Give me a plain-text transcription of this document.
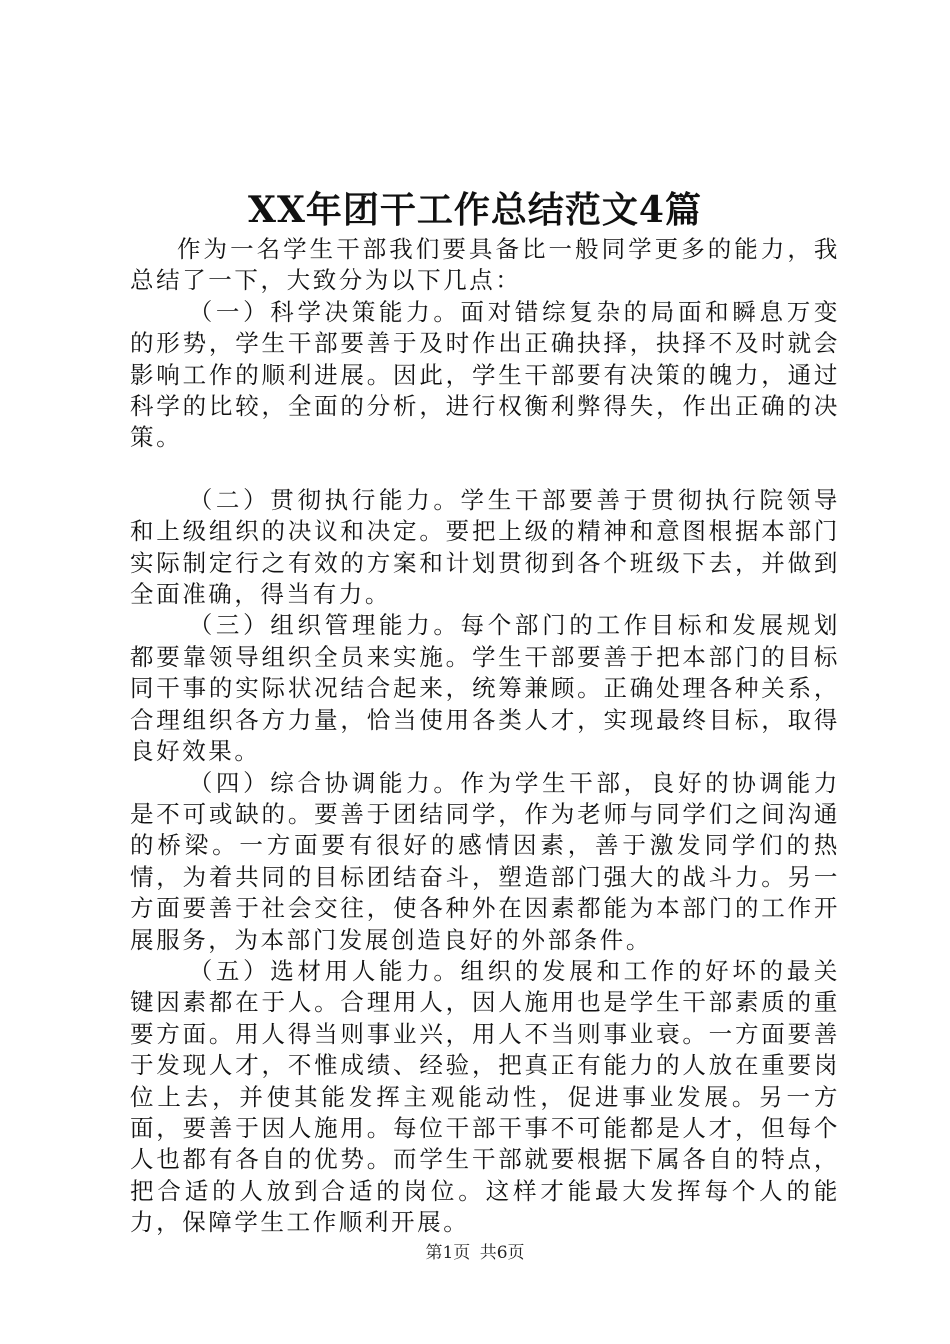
XX年团干工作总结范文4篇

作为一名学生干部我们要具备比一般同学更多的能力，我总结了一下，大致分为以下几点：

（一）科学决策能力。面对错综复杂的局面和瞬息万变的形势，学生干部要善于及时作出正确抉择，抉择不及时就会影响工作的顺利进展。因此，学生干部要有决策的魄力，通过科学的比较，全面的分析，进行权衡利弊得失，作出正确的决策。

（二）贯彻执行能力。学生干部要善于贯彻执行院领导和上级组织的决议和决定。要把上级的精神和意图根据本部门实际制定行之有效的方案和计划贯彻到各个班级下去，并做到全面准确，得当有力。

（三）组织管理能力。每个部门的工作目标和发展规划都要靠领导组织全员来实施。学生干部要善于把本部门的目标同干事的实际状况结合起来，统筹兼顾。正确处理各种关系，合理组织各方力量，恰当使用各类人才，实现最终目标，取得良好效果。

（四）综合协调能力。作为学生干部，良好的协调能力是不可或缺的。要善于团结同学，作为老师与同学们之间沟通的桥梁。一方面要有很好的感情因素，善于激发同学们的热情，为着共同的目标团结奋斗，塑造部门强大的战斗力。另一方面要善于社会交往，使各种外在因素都能为本部门的工作开展服务，为本部门发展创造良好的外部条件。

（五）选材用人能力。组织的发展和工作的好坏的最关键因素都在于人。合理用人，因人施用也是学生干部素质的重要方面。用人得当则事业兴，用人不当则事业衰。一方面要善于发现人才，不惟成绩、经验，把真正有能力的人放在重要岗位上去，并使其能发挥主观能动性，促进事业发展。另一方面，要善于因人施用。每位干部干事不可能都是人才，但每个人也都有各自的优势。而学生干部就要根据下属各自的特点，把合适的人放到合适的岗位。这样才能最大发挥每个人的能力，保障学生工作顺利开展。

第1页 共6页
